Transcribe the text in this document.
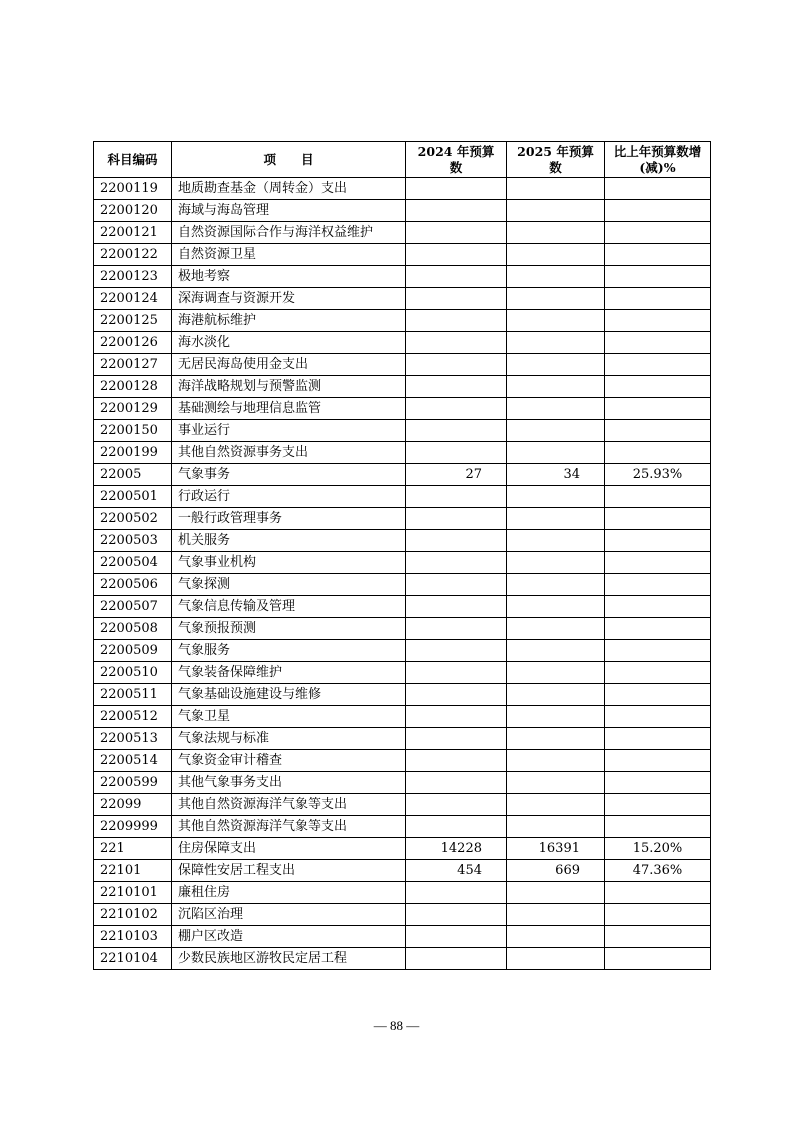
科目编码	项　　目	2024 年预算数	2025 年预算数	比上年预算数增 (减)%
2200119	地质勘查基金（周转金）支出			
2200120	海域与海岛管理			
2200121	自然资源国际合作与海洋权益维护			
2200122	自然资源卫星			
2200123	极地考察			
2200124	深海调查与资源开发			
2200125	海港航标维护			
2200126	海水淡化			
2200127	无居民海岛使用金支出			
2200128	海洋战略规划与预警监测			
2200129	基础测绘与地理信息监管			
2200150	事业运行			
2200199	其他自然资源事务支出			
22005	气象事务	27	34	25.93%
2200501	行政运行			
2200502	一般行政管理事务			
2200503	机关服务			
2200504	气象事业机构			
2200506	气象探测			
2200507	气象信息传输及管理			
2200508	气象预报预测			
2200509	气象服务			
2200510	气象装备保障维护			
2200511	气象基础设施建设与维修			
2200512	气象卫星			
2200513	气象法规与标准			
2200514	气象资金审计稽查			
2200599	其他气象事务支出			
22099	其他自然资源海洋气象等支出			
2209999	其他自然资源海洋气象等支出			
221	住房保障支出	14228	16391	15.20%
22101	保障性安居工程支出	454	669	47.36%
2210101	廉租住房			
2210102	沉陷区治理			
2210103	棚户区改造			
2210104	少数民族地区游牧民定居工程			
— 88 —
